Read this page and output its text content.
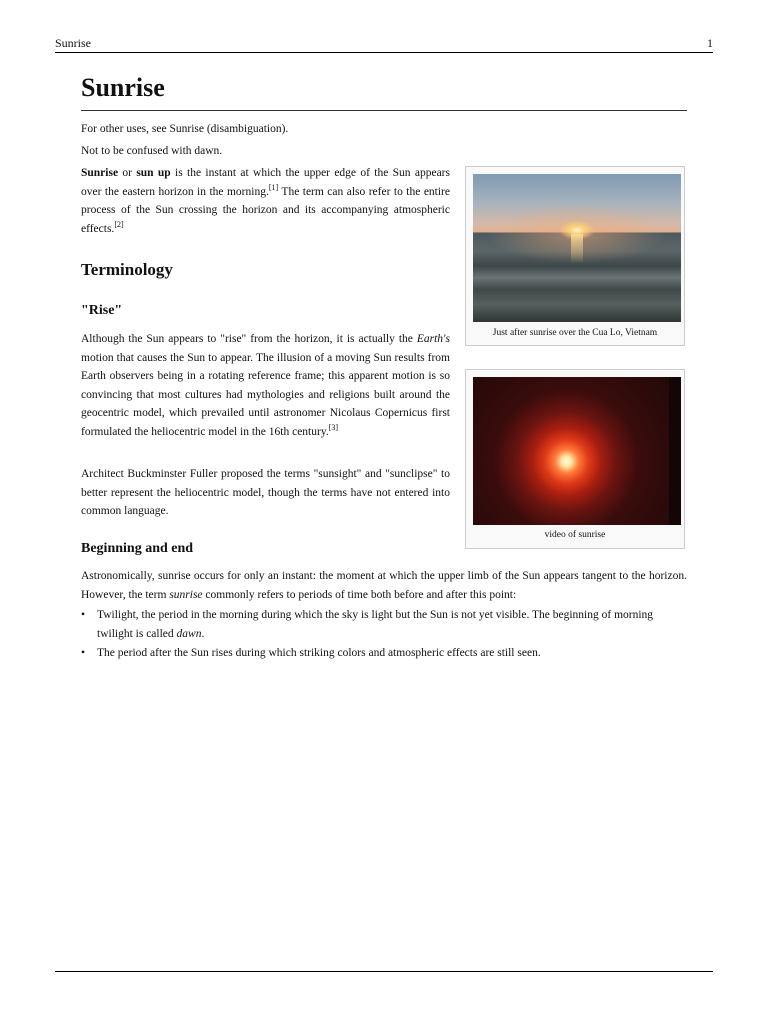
Sunrise	1
Sunrise

For other uses, see Sunrise (disambiguation).

Not to be confused with dawn.

Sunrise or sun up is the instant at which the upper edge of the Sun appears over the eastern horizon in the morning.[1] The term can also refer to the entire process of the Sun crossing the horizon and its accompanying atmospheric effects.[2]

Terminology
"Rise"

Although the Sun appears to "rise" from the horizon, it is actually the Earth's motion that causes the Sun to appear. The illusion of a moving Sun results from Earth observers being in a rotating reference frame; this apparent motion is so convincing that most cultures had mythologies and religions built around the geocentric model, which prevailed until astronomer Nicolaus Copernicus first formulated the heliocentric model in the 16th century.[3]

Architect Buckminster Fuller proposed the terms "sunsight" and "sunclipse" to better represent the heliocentric model, though the terms have not entered into common language.

Beginning and end

Astronomically, sunrise occurs for only an instant: the moment at which the upper limb of the Sun appears tangent to the horizon. However, the term sunrise commonly refers to periods of time both before and after this point:

• Twilight, the period in the morning during which the sky is light but the Sun is not yet visible. The beginning of morning twilight is called dawn.
• The period after the Sun rises during which striking colors and atmospheric effects are still seen.
Just after sunrise over the Cua Lo, Vietnam
video of sunrise
